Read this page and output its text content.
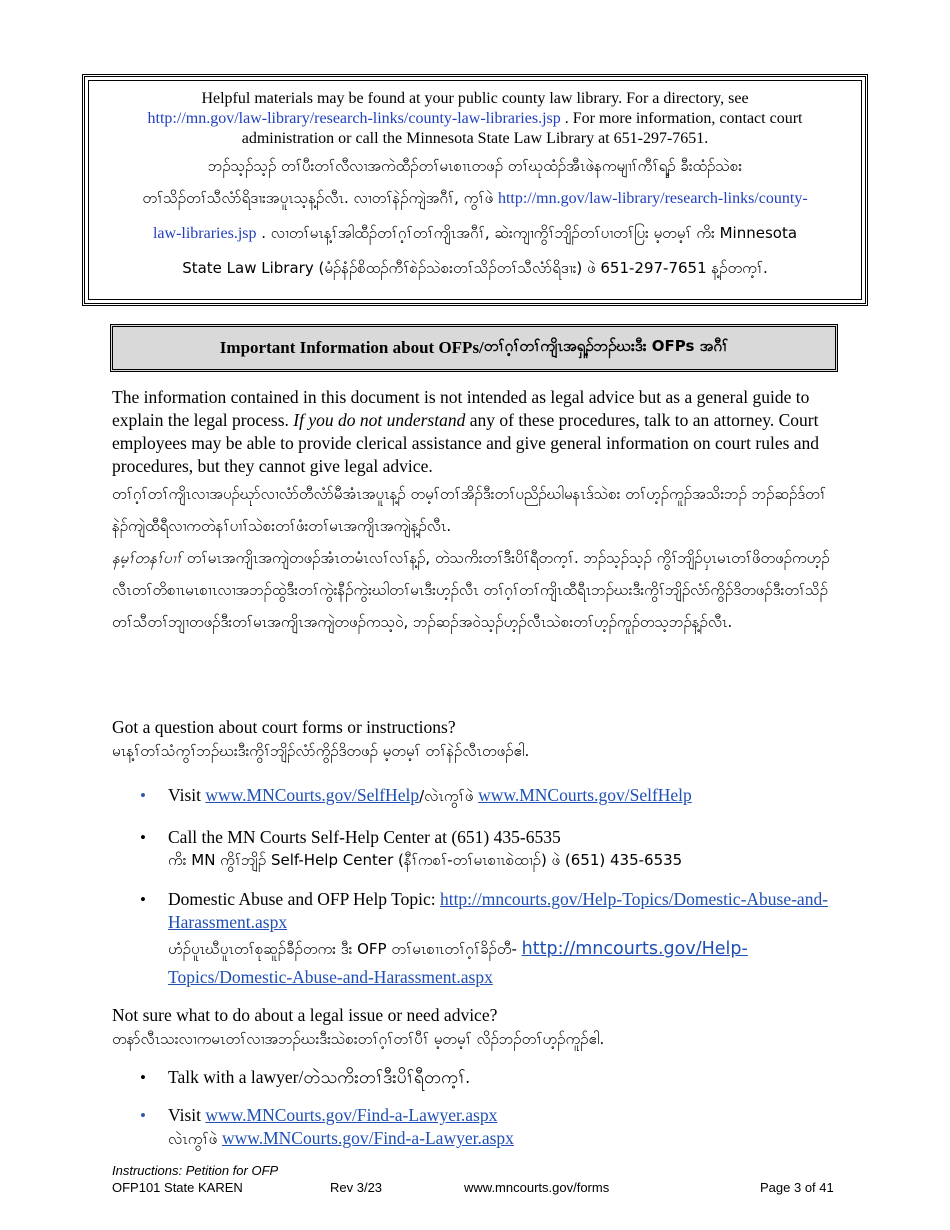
Helpful materials may be found at your public county law library. For a directory, see
http://mn.gov/law-library/research-links/county-law-libraries.jsp . For more information, contact court
administration or call the Minnesota State Law Library at 651-297-7651.
ဘၣ်သ့ၣ်သ့ၣ် တၢ်ပီးတၢ်လီလၢအကဲထီၣ်တၢ်မၤစၢၤတဖၣ် တၢ်ဃုထံၣ်အီၤဖဲနကမျၢၢ်ကီၢ်ရ့ၣ် ခီးထံၣ်သဲစး
တၢ်သိၣ်တၢ်သီလံာ်ရိဒၢးအပူၤသ့န့ၣ်လီၤ. လၢတၢ်နဲၣ်ကျဲအဂီၢ်, ကွၢ်ဖဲ http://mn.gov/law-library/research-links/county-
law-libraries.jsp . လၢတၢ်မၤန့ၢ်အါထီၣ်တၢ်ဂ့ၢ်တၢ်ကျိၤအဂီၢ်, ဆဲးကျၢကွိၢ်ဘျိၣ်တၢ်ပၢတၢ်ပြး မ့တမ့ၢ် ကိး Minnesota
State Law Library (မံၣ်နံၣ်စိထၣ်ကီၢ်စဲၣ်သဲစးတၢ်သိၣ်တၢ်သီလံာ်ရိဒၢး) ဖဲ 651-297-7651 န့ၣ်တက့ၢ်.
Important Information about OFPs/ တၢ်ဂ့ၢ်တၢ်ကျိၤအရှ့ၣ်ဘၣ်ဃးဒီး OFPs အဂီၢ်

The information contained in this document is not intended as legal advice but as a general guide to explain the legal process. If you do not understand any of these procedures, talk to an attorney. Court employees may be able to provide clerical assistance and give general information on court rules and procedures, but they cannot give legal advice.

တၢ်ဂ့ၢ်တၢ်ကျိၤလၢအပၣ်ဃုာ်လၢလံာ်တီလံာ်မီအံၤအပူၤန့ၣ် တမ့ၢ်တၢ်အိၣ်ဒီးတၢ်ပညိၣ်ဃါမနၤဒ်သဲစး တၢ်ဟ့ၣ်ကူၣ်အသိးဘၣ် ဘၣ်ဆၣ်ဒ်တၢ်နဲၣ်ကျဲထီရီလၢကတဲနၢ်ပၢၢ်သဲစးတၢ်ဖံးတၢ်မၤအကျိၤအကျဲန့ၣ်လီၤ.

နမ့ၢ်တနၢ်ပၢၢ် တၢ်မၤအကျိၤအကျဲတဖၣ်အံၤတမံၤလၢ်လၢ်န့ၣ်, တဲသကိးတၢ်ဒီးပိၢ်ရီတက့ၢ်. ဘၣ်သ့ၣ်သ့ၣ် ကွိၢ်ဘျိၣ်ပှၤမၤတၢ်ဖိတဖၣ်ကဟ့ၣ်လီၤတၢ်တိစၢၤမၤစၢၤလၢအဘၣ်ထွဲဒီးတၢ်ကွဲးနီၣ်ကွဲးဃါတၢ်မၤဒီးဟ့ၣ်လီၤ တၢ်ဂ့ၢ်တၢ်ကျိၤထီရီၤဘၣ်ဃးဒီးကွိၢ်ဘျိၣ်လံာ်ကွိၣ်ဒိတဖၣ်ဒီးတၢ်သိၣ်တၢ်သီတၢ်ဘျၢတဖၣ်ဒီးတၢ်မၤအကျိၤအကျဲတဖၣ်ကသ့ဝဲ, ဘၣ်ဆၣ်အဝဲသ့ၣ်ဟ့ၣ်လီၤသဲစးတၢ်ဟ့ၣ်ကူၣ်တသ့ဘၣ်န့ၣ်လီၤ.

Got a question about court forms or instructions?

မၤန့ၢ်တၢ်သံကွၢ်ဘၣ်ဃးဒီးကွိၢ်ဘျိၣ်လံာ်ကွိၣ်ဒိတဖၣ် မ့တမ့ၢ် တၢ်နဲၣ်လီၤတဖၣ်ဧါ.

• Visit www.MNCourts.gov/SelfHelp/လဲၤကွၢ်ဖဲ www.MNCourts.gov/SelfHelp
• Call the MN Courts Self-Help Center at (651) 435-6535
ကိး MN ကွိၢ်ဘျိၣ် Self-Help Center (နီၢ်ကစၢ်-တၢ်မၤစၢၤစဲထၢၣ်) ဖဲ (651) 435-6535
• Domestic Abuse and OFP Help Topic: http://mncourts.gov/Help-Topics/Domestic-Abuse-and-Harassment.aspx
ဟံၣ်ပူၤဃီပူၤတၢ်စုဆူၣ်ခီၣ်တကး ဒီး OFP တၢ်မၤစၢၤတၢ်ဂ့ၢ်ခိၣ်တီ- http://mncourts.gov/Help-
Topics/Domestic-Abuse-and-Harassment.aspx

Not sure what to do about a legal issue or need advice?

တနာ်လီၤသးလၢကမၤတၢ်လၢအဘၣ်ဃးဒီးသဲစးတၢ်ဂ့ၢ်တၢ်ပီၢ် မ့တမ့ၢ် လိၣ်ဘၣ်တၢ်ဟ့ၣ်ကူၣ်ဧါ.

• Talk with a lawyer/တဲသကိးတၢ်ဒီးပိၢ်ရီတက့ၢ်.
• Visit www.MNCourts.gov/Find-a-Lawyer.aspx
လဲၤကွၢ်ဖဲ www.MNCourts.gov/Find-a-Lawyer.aspx
Instructions: Petition for OFP
OFP101 State KAREN	Rev 3/23	www.mncourts.gov/forms	Page 3 of 41
